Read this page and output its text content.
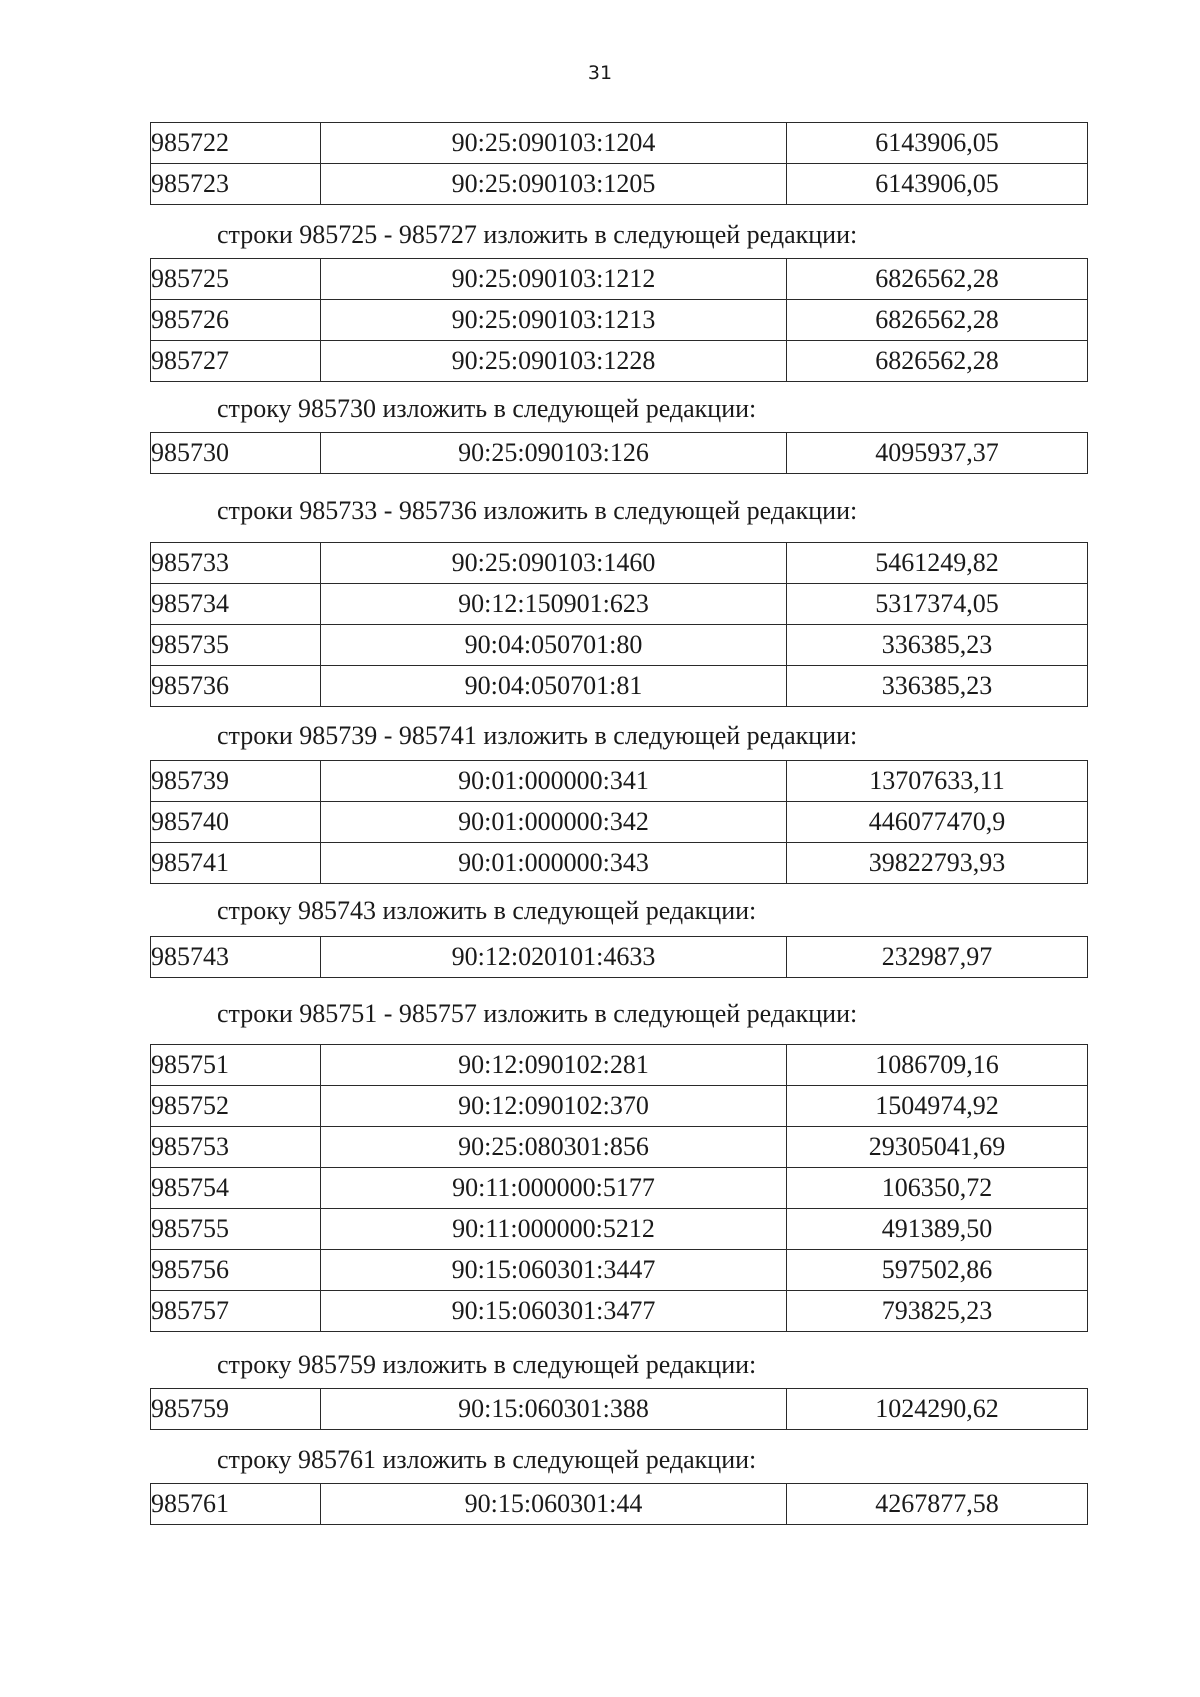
31
985722	90:25:090103:1204	6143906,05
985723	90:25:090103:1205	6143906,05
строки 985725 - 985727 изложить в следующей редакции:
985725	90:25:090103:1212	6826562,28
985726	90:25:090103:1213	6826562,28
985727	90:25:090103:1228	6826562,28
строку 985730 изложить в следующей редакции:
985730	90:25:090103:126	4095937,37
строки 985733 - 985736 изложить в следующей редакции:
985733	90:25:090103:1460	5461249,82
985734	90:12:150901:623	5317374,05
985735	90:04:050701:80	336385,23
985736	90:04:050701:81	336385,23
строки 985739 - 985741 изложить в следующей редакции:
985739	90:01:000000:341	13707633,11
985740	90:01:000000:342	446077470,9
985741	90:01:000000:343	39822793,93
строку 985743 изложить в следующей редакции:
985743	90:12:020101:4633	232987,97
строки 985751 - 985757 изложить в следующей редакции:
985751	90:12:090102:281	1086709,16
985752	90:12:090102:370	1504974,92
985753	90:25:080301:856	29305041,69
985754	90:11:000000:5177	106350,72
985755	90:11:000000:5212	491389,50
985756	90:15:060301:3447	597502,86
985757	90:15:060301:3477	793825,23
строку 985759 изложить в следующей редакции:
985759	90:15:060301:388	1024290,62
строку 985761 изложить в следующей редакции:
985761	90:15:060301:44	4267877,58
